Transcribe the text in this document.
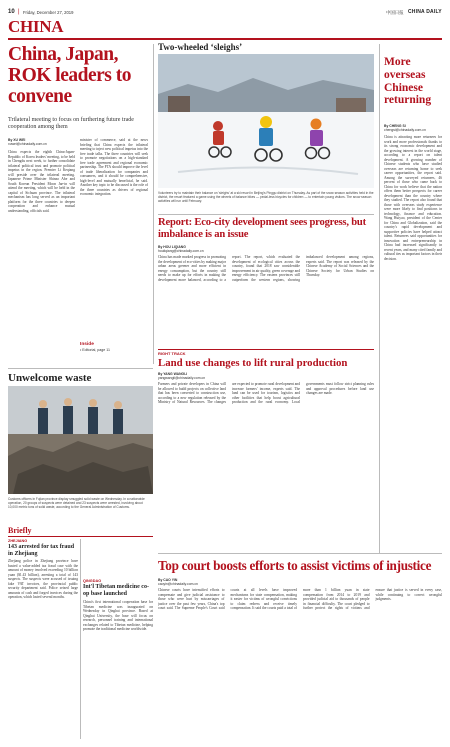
10 | Friday, December 27, 2019	中国日报 CHINA DAILY
CHINA
China, Japan, ROK leaders to convene
Trilateral meeting to focus on furthering future trade cooperation among them
By XU WEI
xuwei@chinadaily.com.cn
China expects the eighth China-Japan-Republic of Korea leaders' meeting, to be held in Chengdu next week, to further consolidate trilateral political trust and promote political impetus in the region. Premier Li Keqiang will preside over the trilateral meeting. Japanese Prime Minister Shinzo Abe and South Korean President Moon Jae-in will attend the meeting, which will be held in the capital of Sichuan province. The trilateral mechanism has long served as an important platform for the three countries to deepen cooperation and enhance mutual understanding, officials said.
minister of commerce, said at the news briefing that China expects the trilateral meeting to inject new political impetus into the free trade talks. The three countries will seek to promote negotiations on a high-standard free trade agreement and regional economic partnership. The FTA should improve the level of trade liberalization for companies and consumers, and it should be comprehensive, high-level and mutually beneficial, he said. Another key topic to be discussed is the role of the three countries as drivers of regional economic integration.
Inside
• Editorial, page 11
Two-wheeled ‘sleighs’
Volunteers try to maintain their balance on 'sleighs' at a ski resort in Beijing's Pinggu district on Thursday. As part of the snow season activities held in the district, the resort featured a game using the wheels of balance bikes — pedal-less bicycles for children — to entertain young visitors. The snow season activities will run until February.
Report: Eco-city development sees progress, but imbalance is an issue
By HOU LIQIANG
houliqiang@chinadaily.com.cn
China has made marked progress in promoting the development of eco-cities by making major urban areas greener and more efficient in energy consumption, but the country still needs to make up for efforts in making the development more balanced, according to a report. The report, which evaluated the development of ecological cities across the country, found that 2018 saw considerable improvement in air quality, green coverage and energy efficiency. The eastern provinces still outperform the western regions, showing imbalanced development among regions, experts said. The report was released by the Chinese Academy of Social Sciences and the Chinese Society for Urban Studies on Thursday.
RIGHT TRACK
Land use changes to lift rural production
By YANG WANGLI
yangwangli@chinadaily.com.cn
Farmers and private developers in China will be allowed to build projects on collective land that has been converted to construction use, according to a new regulation released by the Ministry of Natural Resources. The changes are expected to promote rural development and increase farmers' income, experts said. The land can be used for tourism, logistics and other facilities that help boost agricultural production and the rural economy. Local governments must follow strict planning rules and approval procedures before land use changes are made.
More overseas Chinese returning
By CHENG SI
chengsi@chinadaily.com.cn
China is attracting more returnees for work and more professionals thanks to its strong economic development and the growing interest in the world stage, according to a report on talent development. A growing number of Chinese students who have studied overseas are returning home to seek career opportunities, the report said. Among the surveyed returnees, 46 percent of those who came back to China for work believe that the nation offers them better prospects for career development than the country where they studied. The report also found that those with overseas study experience were more likely to find positions in technology, finance and education. Wang Huiyao, president of the Center for China and Globalization, said the country's rapid development and supportive policies have helped attract talent. Returnees said opportunities for innovation and entrepreneurship in China had increased significantly in recent years, and many cited family and cultural ties as important factors in their decision.
Unwelcome waste
Customs officers in Fujian province display smuggled solid waste on Wednesday. In a nationwide operation, 20 groups of suspects were detained and 23 suspects were arrested, involving about 10,000 metric tons of solid waste, according to the General Administration of Customs.
Briefly
ZHEJIANG
143 arrested for tax fraud in Zhejiang
Zhejiang police in Zhejiang province have busted a value-added tax fraud case with the amount of money involved exceeding 10 billion yuan ($1.43 billion), arresting a total of 143 suspects. The suspects were accused of issuing fake VAT invoices, the provincial public security department said. Police seized large amounts of cash and forged invoices during the operation, which lasted several months.
QINGDAO
Int'l Tibetan medicine co-op base launched
China's first international cooperation base for Tibetan medicine was inaugurated on Wednesday in Qinghai province. Based at Qinghai University, the base will focus on research, personnel training and international exchanges related to Tibetan medicine, helping promote the traditional medicine worldwide.
Top court boosts efforts to assist victims of injustice
By CAO YIN
caoyin@chinadaily.com.cn
Chinese courts have intensified efforts to compensate and give judicial assistance to those who were hurt by miscarriages of justice over the past few years, China's top court said. The Supreme People's Court said courts at all levels have improved mechanisms for state compensation, making it easier for victims of wrongful convictions to claim redress and receive timely compensation. It said the courts paid a total of more than 1 billion yuan in state compensation from 2014 to 2019 and provided judicial aid to thousands of people in financial difficulty. The court pledged to further protect the rights of victims and ensure that justice is served in every case, while continuing to correct wrongful judgments.
